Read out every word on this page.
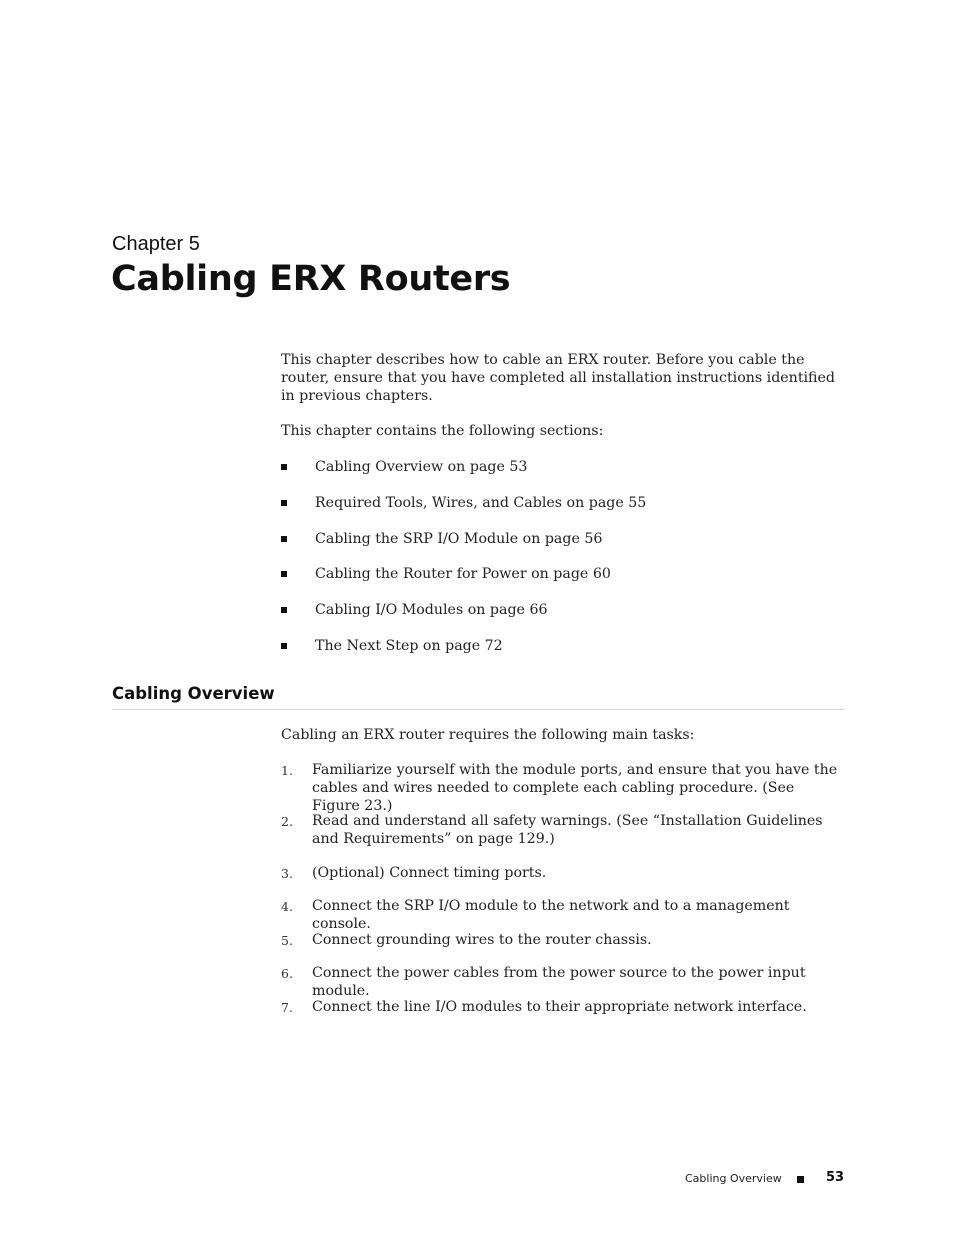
Chapter 5
Cabling ERX Routers

This chapter describes how to cable an ERX router. Before you cable the router, ensure that you have completed all installation instructions identified in previous chapters.

This chapter contains the following sections:

Cabling Overview on page 53
Required Tools, Wires, and Cables on page 55
Cabling the SRP I/O Module on page 56
Cabling the Router for Power on page 60
Cabling I/O Modules on page 66
The Next Step on page 72
Cabling Overview

Cabling an ERX router requires the following main tasks:

1. Familiarize yourself with the module ports, and ensure that you have the cables and wires needed to complete each cabling procedure. (See Figure 23.)
2. Read and understand all safety warnings. (See “Installation Guidelines and Requirements” on page 129.)
3. (Optional) Connect timing ports.
4. Connect the SRP I/O module to the network and to a management console.
5. Connect grounding wires to the router chassis.
6. Connect the power cables from the power source to the power input module.
7. Connect the line I/O modules to their appropriate network interface.
Cabling Overview	53
